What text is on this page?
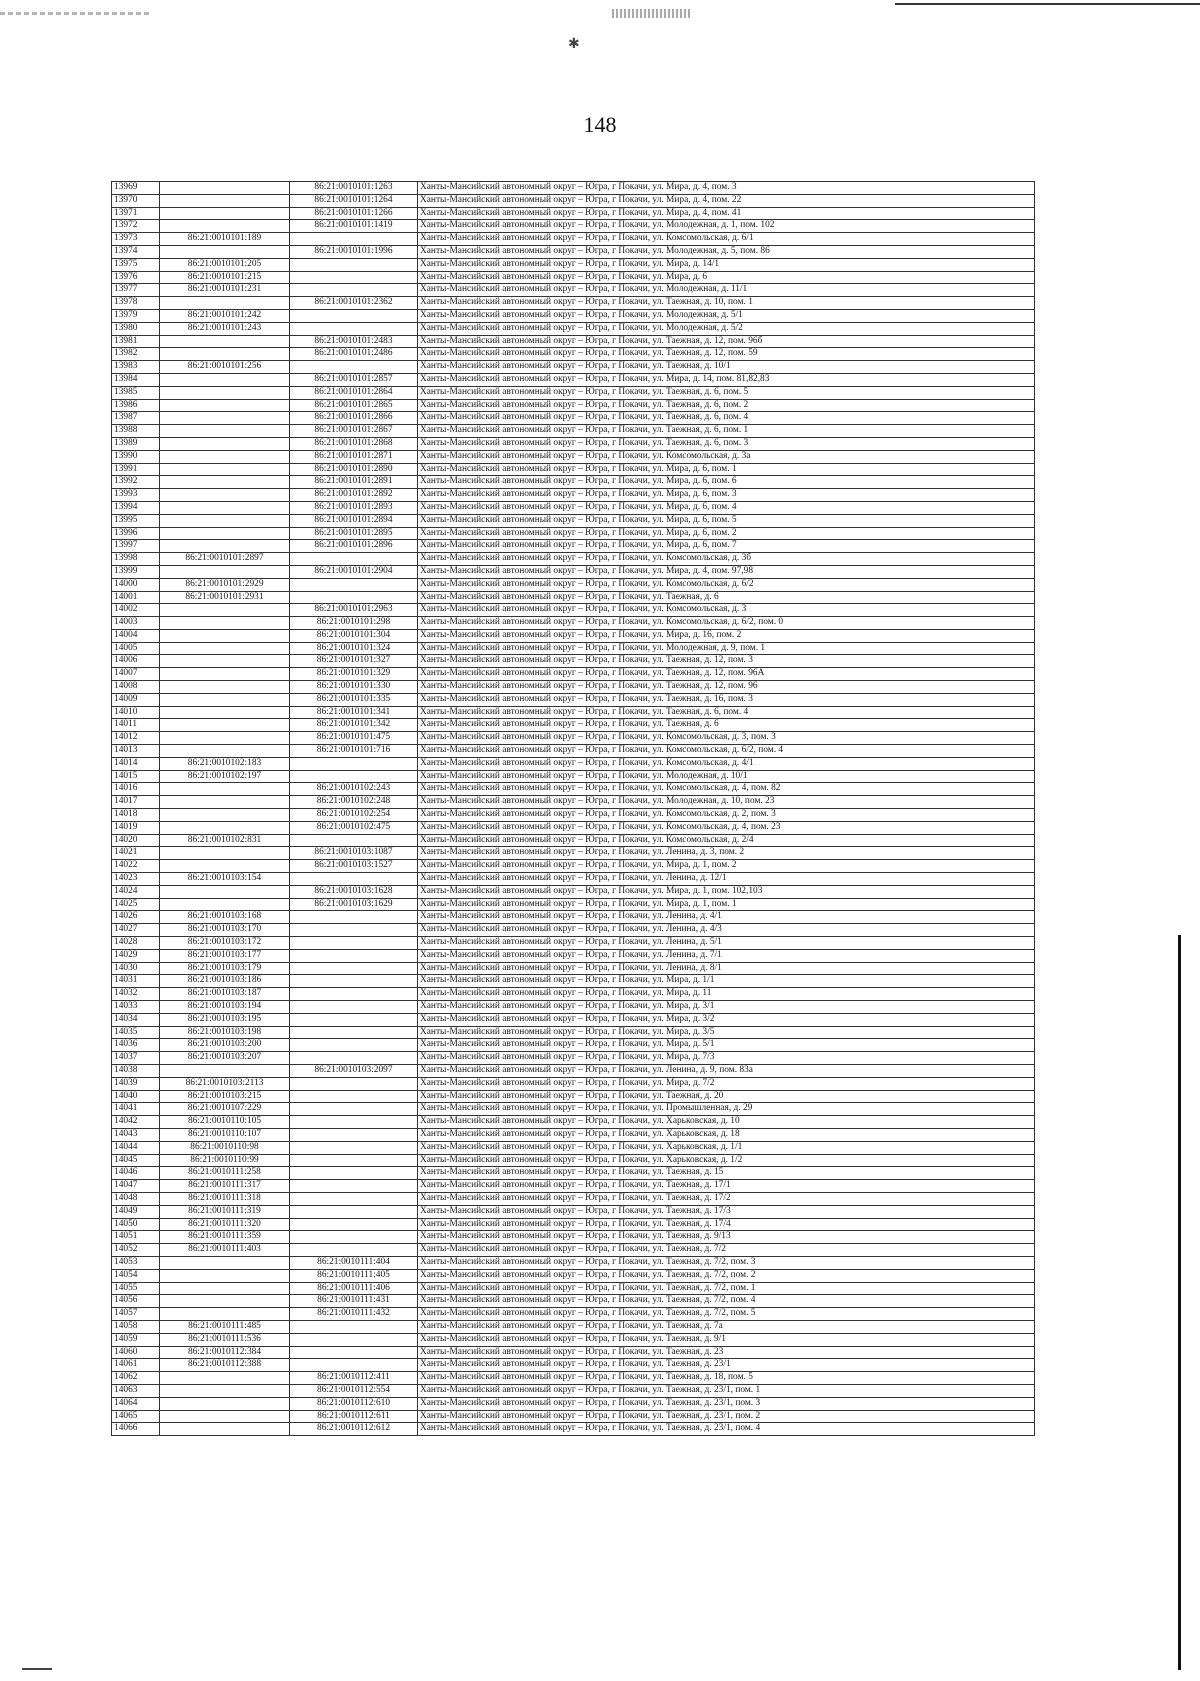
✱
148
13969		86:21:0010101:1263	Ханты-Мансийский автономный округ – Югра, г Покачи, ул. Мира, д. 4, пом. 3
13970		86:21:0010101:1264	Ханты-Мансийский автономный округ – Югра, г Покачи, ул. Мира, д. 4, пом. 22
13971		86:21:0010101:1266	Ханты-Мансийский автономный округ – Югра, г Покачи, ул. Мира, д. 4, пом. 41
13972		86:21:0010101:1419	Ханты-Мансийский автономный округ – Югра, г Покачи, ул. Молодежная, д. 1, пом. 102
13973	86:21:0010101:189		Ханты-Мансийский автономный округ – Югра, г Покачи, ул. Комсомольская, д. 6/1
13974		86:21:0010101:1996	Ханты-Мансийский автономный округ – Югра, г Покачи, ул. Молодежная, д. 5, пом. 86
13975	86:21:0010101:205		Ханты-Мансийский автономный округ – Югра, г Покачи, ул. Мира, д. 14/1
13976	86:21:0010101:215		Ханты-Мансийский автономный округ – Югра, г Покачи, ул. Мира, д. 6
13977	86:21:0010101:231		Ханты-Мансийский автономный округ – Югра, г Покачи, ул. Молодежная, д. 11/1
13978		86:21:0010101:2362	Ханты-Мансийский автономный округ – Югра, г Покачи, ул. Таежная, д. 10, пом. 1
13979	86:21:0010101:242		Ханты-Мансийский автономный округ – Югра, г Покачи, ул. Молодежная, д. 5/1
13980	86:21:0010101:243		Ханты-Мансийский автономный округ – Югра, г Покачи, ул. Молодежная, д. 5/2
13981		86:21:0010101:2483	Ханты-Мансийский автономный округ – Югра, г Покачи, ул. Таежная, д. 12, пом. 96б
13982		86:21:0010101:2486	Ханты-Мансийский автономный округ – Югра, г Покачи, ул. Таежная, д. 12, пом. 59
13983	86:21:0010101:256		Ханты-Мансийский автономный округ – Югра, г Покачи, ул. Таежная, д. 10/1
13984		86:21:0010101:2857	Ханты-Мансийский автономный округ – Югра, г Покачи, ул. Мира, д. 14, пом. 81,82,83
13985		86:21:0010101:2864	Ханты-Мансийский автономный округ – Югра, г Покачи, ул. Таежная, д. 6, пом. 5
13986		86:21:0010101:2865	Ханты-Мансийский автономный округ – Югра, г Покачи, ул. Таежная, д. 6, пом. 2
13987		86:21:0010101:2866	Ханты-Мансийский автономный округ – Югра, г Покачи, ул. Таежная, д. 6, пом. 4
13988		86:21:0010101:2867	Ханты-Мансийский автономный округ – Югра, г Покачи, ул. Таежная, д. 6, пом. 1
13989		86:21:0010101:2868	Ханты-Мансийский автономный округ – Югра, г Покачи, ул. Таежная, д. 6, пом. 3
13990		86:21:0010101:2871	Ханты-Мансийский автономный округ – Югра, г Покачи, ул. Комсомольская, д. 3а
13991		86:21:0010101:2890	Ханты-Мансийский автономный округ – Югра, г Покачи, ул. Мира, д. 6, пом. 1
13992		86:21:0010101:2891	Ханты-Мансийский автономный округ – Югра, г Покачи, ул. Мира, д. 6, пом. 6
13993		86:21:0010101:2892	Ханты-Мансийский автономный округ – Югра, г Покачи, ул. Мира, д. 6, пом. 3
13994		86:21:0010101:2893	Ханты-Мансийский автономный округ – Югра, г Покачи, ул. Мира, д. 6, пом. 4
13995		86:21:0010101:2894	Ханты-Мансийский автономный округ – Югра, г Покачи, ул. Мира, д. 6, пом. 5
13996		86:21:0010101:2895	Ханты-Мансийский автономный округ – Югра, г Покачи, ул. Мира, д. 6, пом. 2
13997		86:21:0010101:2896	Ханты-Мансийский автономный округ – Югра, г Покачи, ул. Мира, д. 6, пом. 7
13998	86:21:0010101:2897		Ханты-Мансийский автономный округ – Югра, г Покачи, ул. Комсомольская, д. 3б
13999		86:21:0010101:2904	Ханты-Мансийский автономный округ – Югра, г Покачи, ул. Мира, д. 4, пом. 97,98
14000	86:21:0010101:2929		Ханты-Мансийский автономный округ – Югра, г Покачи, ул. Комсомольская, д. 6/2
14001	86:21:0010101:2931		Ханты-Мансийский автономный округ – Югра, г Покачи, ул. Таежная, д. 6
14002		86:21:0010101:2963	Ханты-Мансийский автономный округ – Югра, г Покачи, ул. Комсомольская, д. 3
14003		86:21:0010101:298	Ханты-Мансийский автономный округ – Югра, г Покачи, ул. Комсомольская, д. 6/2, пом. 0
14004		86:21:0010101:304	Ханты-Мансийский автономный округ – Югра, г Покачи, ул. Мира, д. 16, пом. 2
14005		86:21:0010101:324	Ханты-Мансийский автономный округ – Югра, г Покачи, ул. Молодежная, д. 9, пом. 1
14006		86:21:0010101:327	Ханты-Мансийский автономный округ – Югра, г Покачи, ул. Таежная, д. 12, пом. 3
14007		86:21:0010101:329	Ханты-Мансийский автономный округ – Югра, г Покачи, ул. Таежная, д. 12, пом. 96А
14008		86:21:0010101:330	Ханты-Мансийский автономный округ – Югра, г Покачи, ул. Таежная, д. 12, пом. 96
14009		86:21:0010101:335	Ханты-Мансийский автономный округ – Югра, г Покачи, ул. Таежная, д. 16, пом. 3
14010		86:21:0010101:341	Ханты-Мансийский автономный округ – Югра, г Покачи, ул. Таежная, д. 6, пом. 4
14011		86:21:0010101:342	Ханты-Мансийский автономный округ – Югра, г Покачи, ул. Таежная, д. 6
14012		86:21:0010101:475	Ханты-Мансийский автономный округ – Югра, г Покачи, ул. Комсомольская, д. 3, пом. 3
14013		86:21:0010101:716	Ханты-Мансийский автономный округ – Югра, г Покачи, ул. Комсомольская, д. 6/2, пом. 4
14014	86:21:0010102:183		Ханты-Мансийский автономный округ – Югра, г Покачи, ул. Комсомольская, д. 4/1
14015	86:21:0010102:197		Ханты-Мансийский автономный округ – Югра, г Покачи, ул. Молодежная, д. 10/1
14016		86:21:0010102:243	Ханты-Мансийский автономный округ – Югра, г Покачи, ул. Комсомольская, д. 4, пом. 82
14017		86:21:0010102:248	Ханты-Мансийский автономный округ – Югра, г Покачи, ул. Молодежная, д. 10, пом. 23
14018		86:21:0010102:254	Ханты-Мансийский автономный округ – Югра, г Покачи, ул. Комсомольская, д. 2, пом. 3
14019		86:21:0010102:475	Ханты-Мансийский автономный округ – Югра, г Покачи, ул. Комсомольская, д. 4, пом. 23
14020	86:21:0010102:831		Ханты-Мансийский автономный округ – Югра, г Покачи, ул. Комсомольская, д. 2/4
14021		86:21:0010103:1087	Ханты-Мансийский автономный округ – Югра, г Покачи, ул. Ленина, д. 3, пом. 2
14022		86:21:0010103:1527	Ханты-Мансийский автономный округ – Югра, г Покачи, ул. Мира, д. 1, пом. 2
14023	86:21:0010103:154		Ханты-Мансийский автономный округ – Югра, г Покачи, ул. Ленина, д. 12/1
14024		86:21:0010103:1628	Ханты-Мансийский автономный округ – Югра, г Покачи, ул. Мира, д. 1, пом. 102,103
14025		86:21:0010103:1629	Ханты-Мансийский автономный округ – Югра, г Покачи, ул. Мира, д. 1, пом. 1
14026	86:21:0010103:168		Ханты-Мансийский автономный округ – Югра, г Покачи, ул. Ленина, д. 4/1
14027	86:21:0010103:170		Ханты-Мансийский автономный округ – Югра, г Покачи, ул. Ленина, д. 4/3
14028	86:21:0010103:172		Ханты-Мансийский автономный округ – Югра, г Покачи, ул. Ленина, д. 5/1
14029	86:21:0010103:177		Ханты-Мансийский автономный округ – Югра, г Покачи, ул. Ленина, д. 7/1
14030	86:21:0010103:179		Ханты-Мансийский автономный округ – Югра, г Покачи, ул. Ленина, д. 8/1
14031	86:21:0010103:186		Ханты-Мансийский автономный округ – Югра, г Покачи, ул. Мира, д. 1/1
14032	86:21:0010103:187		Ханты-Мансийский автономный округ – Югра, г Покачи, ул. Мира, д. 11
14033	86:21:0010103:194		Ханты-Мансийский автономный округ – Югра, г Покачи, ул. Мира, д. 3/1
14034	86:21:0010103:195		Ханты-Мансийский автономный округ – Югра, г Покачи, ул. Мира, д. 3/2
14035	86:21:0010103:198		Ханты-Мансийский автономный округ – Югра, г Покачи, ул. Мира, д. 3/5
14036	86:21:0010103:200		Ханты-Мансийский автономный округ – Югра, г Покачи, ул. Мира, д. 5/1
14037	86:21:0010103:207		Ханты-Мансийский автономный округ – Югра, г Покачи, ул. Мира, д. 7/3
14038		86:21:0010103:2097	Ханты-Мансийский автономный округ – Югра, г Покачи, ул. Ленина, д. 9, пом. 83а
14039	86:21:0010103:2113		Ханты-Мансийский автономный округ – Югра, г Покачи, ул. Мира, д. 7/2
14040	86:21:0010103:215		Ханты-Мансийский автономный округ – Югра, г Покачи, ул. Таежная, д. 20
14041	86:21:0010107:229		Ханты-Мансийский автономный округ – Югра, г Покачи, ул. Промышленная, д. 29
14042	86:21:0010110:105		Ханты-Мансийский автономный округ – Югра, г Покачи, ул. Харьковская, д. 10
14043	86:21:0010110:107		Ханты-Мансийский автономный округ – Югра, г Покачи, ул. Харьковская, д. 18
14044	86:21:0010110:98		Ханты-Мансийский автономный округ – Югра, г Покачи, ул. Харьковская, д. 1/1
14045	86:21:0010110:99		Ханты-Мансийский автономный округ – Югра, г Покачи, ул. Харьковская, д. 1/2
14046	86:21:0010111:258		Ханты-Мансийский автономный округ – Югра, г Покачи, ул. Таежная, д. 15
14047	86:21:0010111:317		Ханты-Мансийский автономный округ – Югра, г Покачи, ул. Таежная, д. 17/1
14048	86:21:0010111:318		Ханты-Мансийский автономный округ – Югра, г Покачи, ул. Таежная, д. 17/2
14049	86:21:0010111:319		Ханты-Мансийский автономный округ – Югра, г Покачи, ул. Таежная, д. 17/3
14050	86:21:0010111:320		Ханты-Мансийский автономный округ – Югра, г Покачи, ул. Таежная, д. 17/4
14051	86:21:0010111:359		Ханты-Мансийский автономный округ – Югра, г Покачи, ул. Таежная, д. 9/13
14052	86:21:0010111:403		Ханты-Мансийский автономный округ – Югра, г Покачи, ул. Таежная, д. 7/2
14053		86:21:0010111:404	Ханты-Мансийский автономный округ – Югра, г Покачи, ул. Таежная, д. 7/2, пом. 3
14054		86:21:0010111:405	Ханты-Мансийский автономный округ – Югра, г Покачи, ул. Таежная, д. 7/2, пом. 2
14055		86:21:0010111:406	Ханты-Мансийский автономный округ – Югра, г Покачи, ул. Таежная, д. 7/2, пом. 1
14056		86:21:0010111:431	Ханты-Мансийский автономный округ – Югра, г Покачи, ул. Таежная, д. 7/2, пом. 4
14057		86:21:0010111:432	Ханты-Мансийский автономный округ – Югра, г Покачи, ул. Таежная, д. 7/2, пом. 5
14058	86:21:0010111:485		Ханты-Мансийский автономный округ – Югра, г Покачи, ул. Таежная, д. 7а
14059	86:21:0010111:536		Ханты-Мансийский автономный округ – Югра, г Покачи, ул. Таежная, д. 9/1
14060	86:21:0010112:384		Ханты-Мансийский автономный округ – Югра, г Покачи, ул. Таежная, д. 23
14061	86:21:0010112:388		Ханты-Мансийский автономный округ – Югра, г Покачи, ул. Таежная, д. 23/1
14062		86:21:0010112:411	Ханты-Мансийский автономный округ – Югра, г Покачи, ул. Таежная, д. 18, пом. 5
14063		86:21:0010112:554	Ханты-Мансийский автономный округ – Югра, г Покачи, ул. Таежная, д. 23/1, пом. 1
14064		86:21:0010112:610	Ханты-Мансийский автономный округ – Югра, г Покачи, ул. Таежная, д. 23/1, пом. 3
14065		86:21:0010112:611	Ханты-Мансийский автономный округ – Югра, г Покачи, ул. Таежная, д. 23/1, пом. 2
14066		86:21:0010112:612	Ханты-Мансийский автономный округ – Югра, г Покачи, ул. Таежная, д. 23/1, пом. 4
